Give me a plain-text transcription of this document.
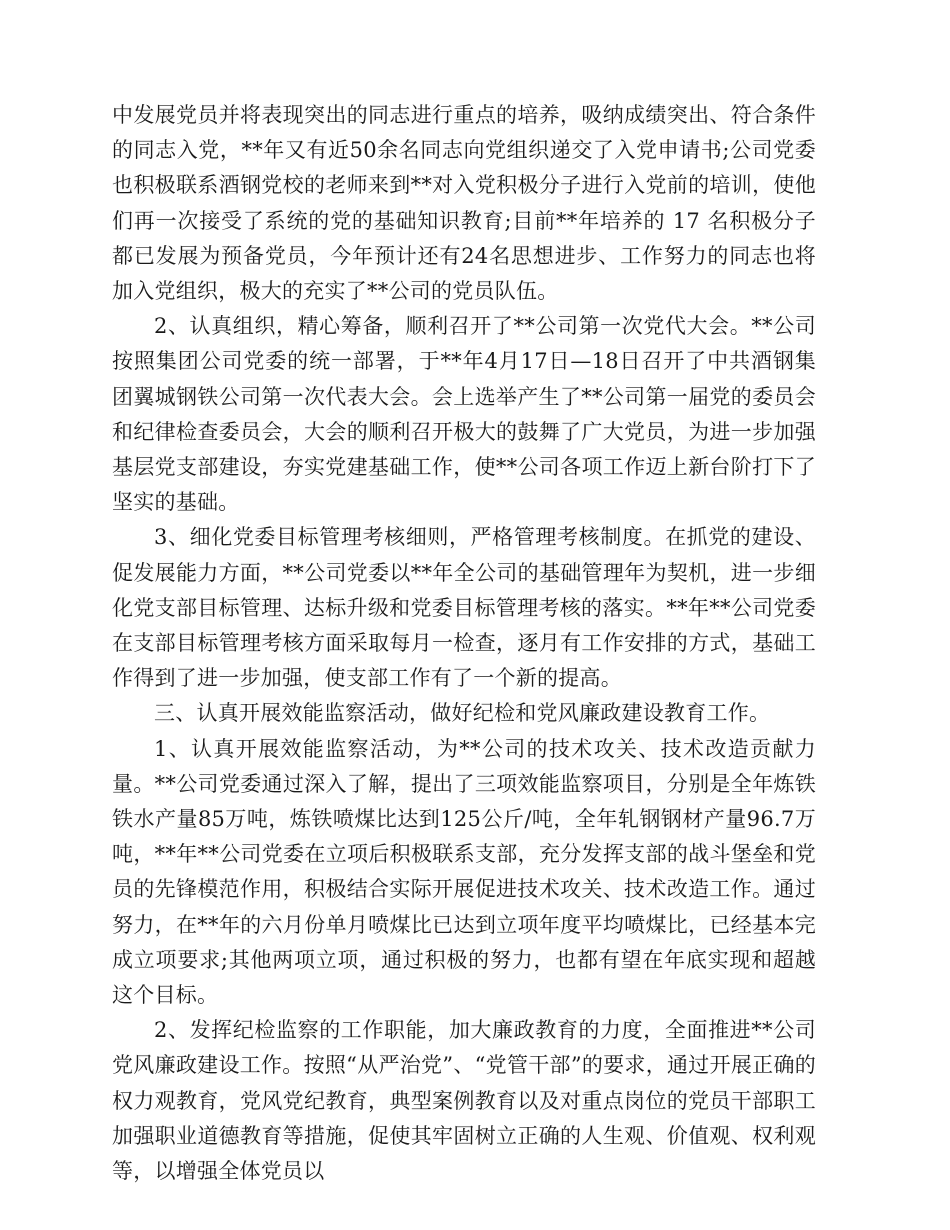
中发展党员并将表现突出的同志进行重点的培养，吸纳成绩突出、符合条件的同志入党，**年又有近50余名同志向党组织递交了入党申请书;公司党委也积极联系酒钢党校的老师来到**对入党积极分子进行入党前的培训，使他们再一次接受了系统的党的基础知识教育;目前**年培养的 17 名积极分子都已发展为预备党员，今年预计还有24名思想进步、工作努力的同志也将加入党组织，极大的充实了**公司的党员队伍。

2、认真组织，精心筹备，顺利召开了**公司第一次党代大会。**公司按照集团公司党委的统一部署，于**年4月17日—18日召开了中共酒钢集团翼城钢铁公司第一次代表大会。会上选举产生了**公司第一届党的委员会和纪律检查委员会，大会的顺利召开极大的鼓舞了广大党员，为进一步加强基层党支部建设，夯实党建基础工作，使**公司各项工作迈上新台阶打下了坚实的基础。

3、细化党委目标管理考核细则，严格管理考核制度。在抓党的建设、促发展能力方面，**公司党委以**年全公司的基础管理年为契机，进一步细化党支部目标管理、达标升级和党委目标管理考核的落实。**年**公司党委在支部目标管理考核方面采取每月一检查，逐月有工作安排的方式，基础工作得到了进一步加强，使支部工作有了一个新的提高。

三、认真开展效能监察活动，做好纪检和党风廉政建设教育工作。

1、认真开展效能监察活动，为**公司的技术攻关、技术改造贡献力量。**公司党委通过深入了解，提出了三项效能监察项目，分别是全年炼铁铁水产量85万吨，炼铁喷煤比达到125公斤/吨，全年轧钢钢材产量96.7万吨，**年**公司党委在立项后积极联系支部，充分发挥支部的战斗堡垒和党员的先锋模范作用，积极结合实际开展促进技术攻关、技术改造工作。通过努力，在**年的六月份单月喷煤比已达到立项年度平均喷煤比，已经基本完成立项要求;其他两项立项，通过积极的努力，也都有望在年底实现和超越这个目标。

2、发挥纪检监察的工作职能，加大廉政教育的力度，全面推进**公司党风廉政建设工作。按照“从严治党”、“党管干部”的要求，通过开展正确的权力观教育，党风党纪教育，典型案例教育以及对重点岗位的党员干部职工加强职业道德教育等措施，促使其牢固树立正确的人生观、价值观、权利观等，以增强全体党员以
